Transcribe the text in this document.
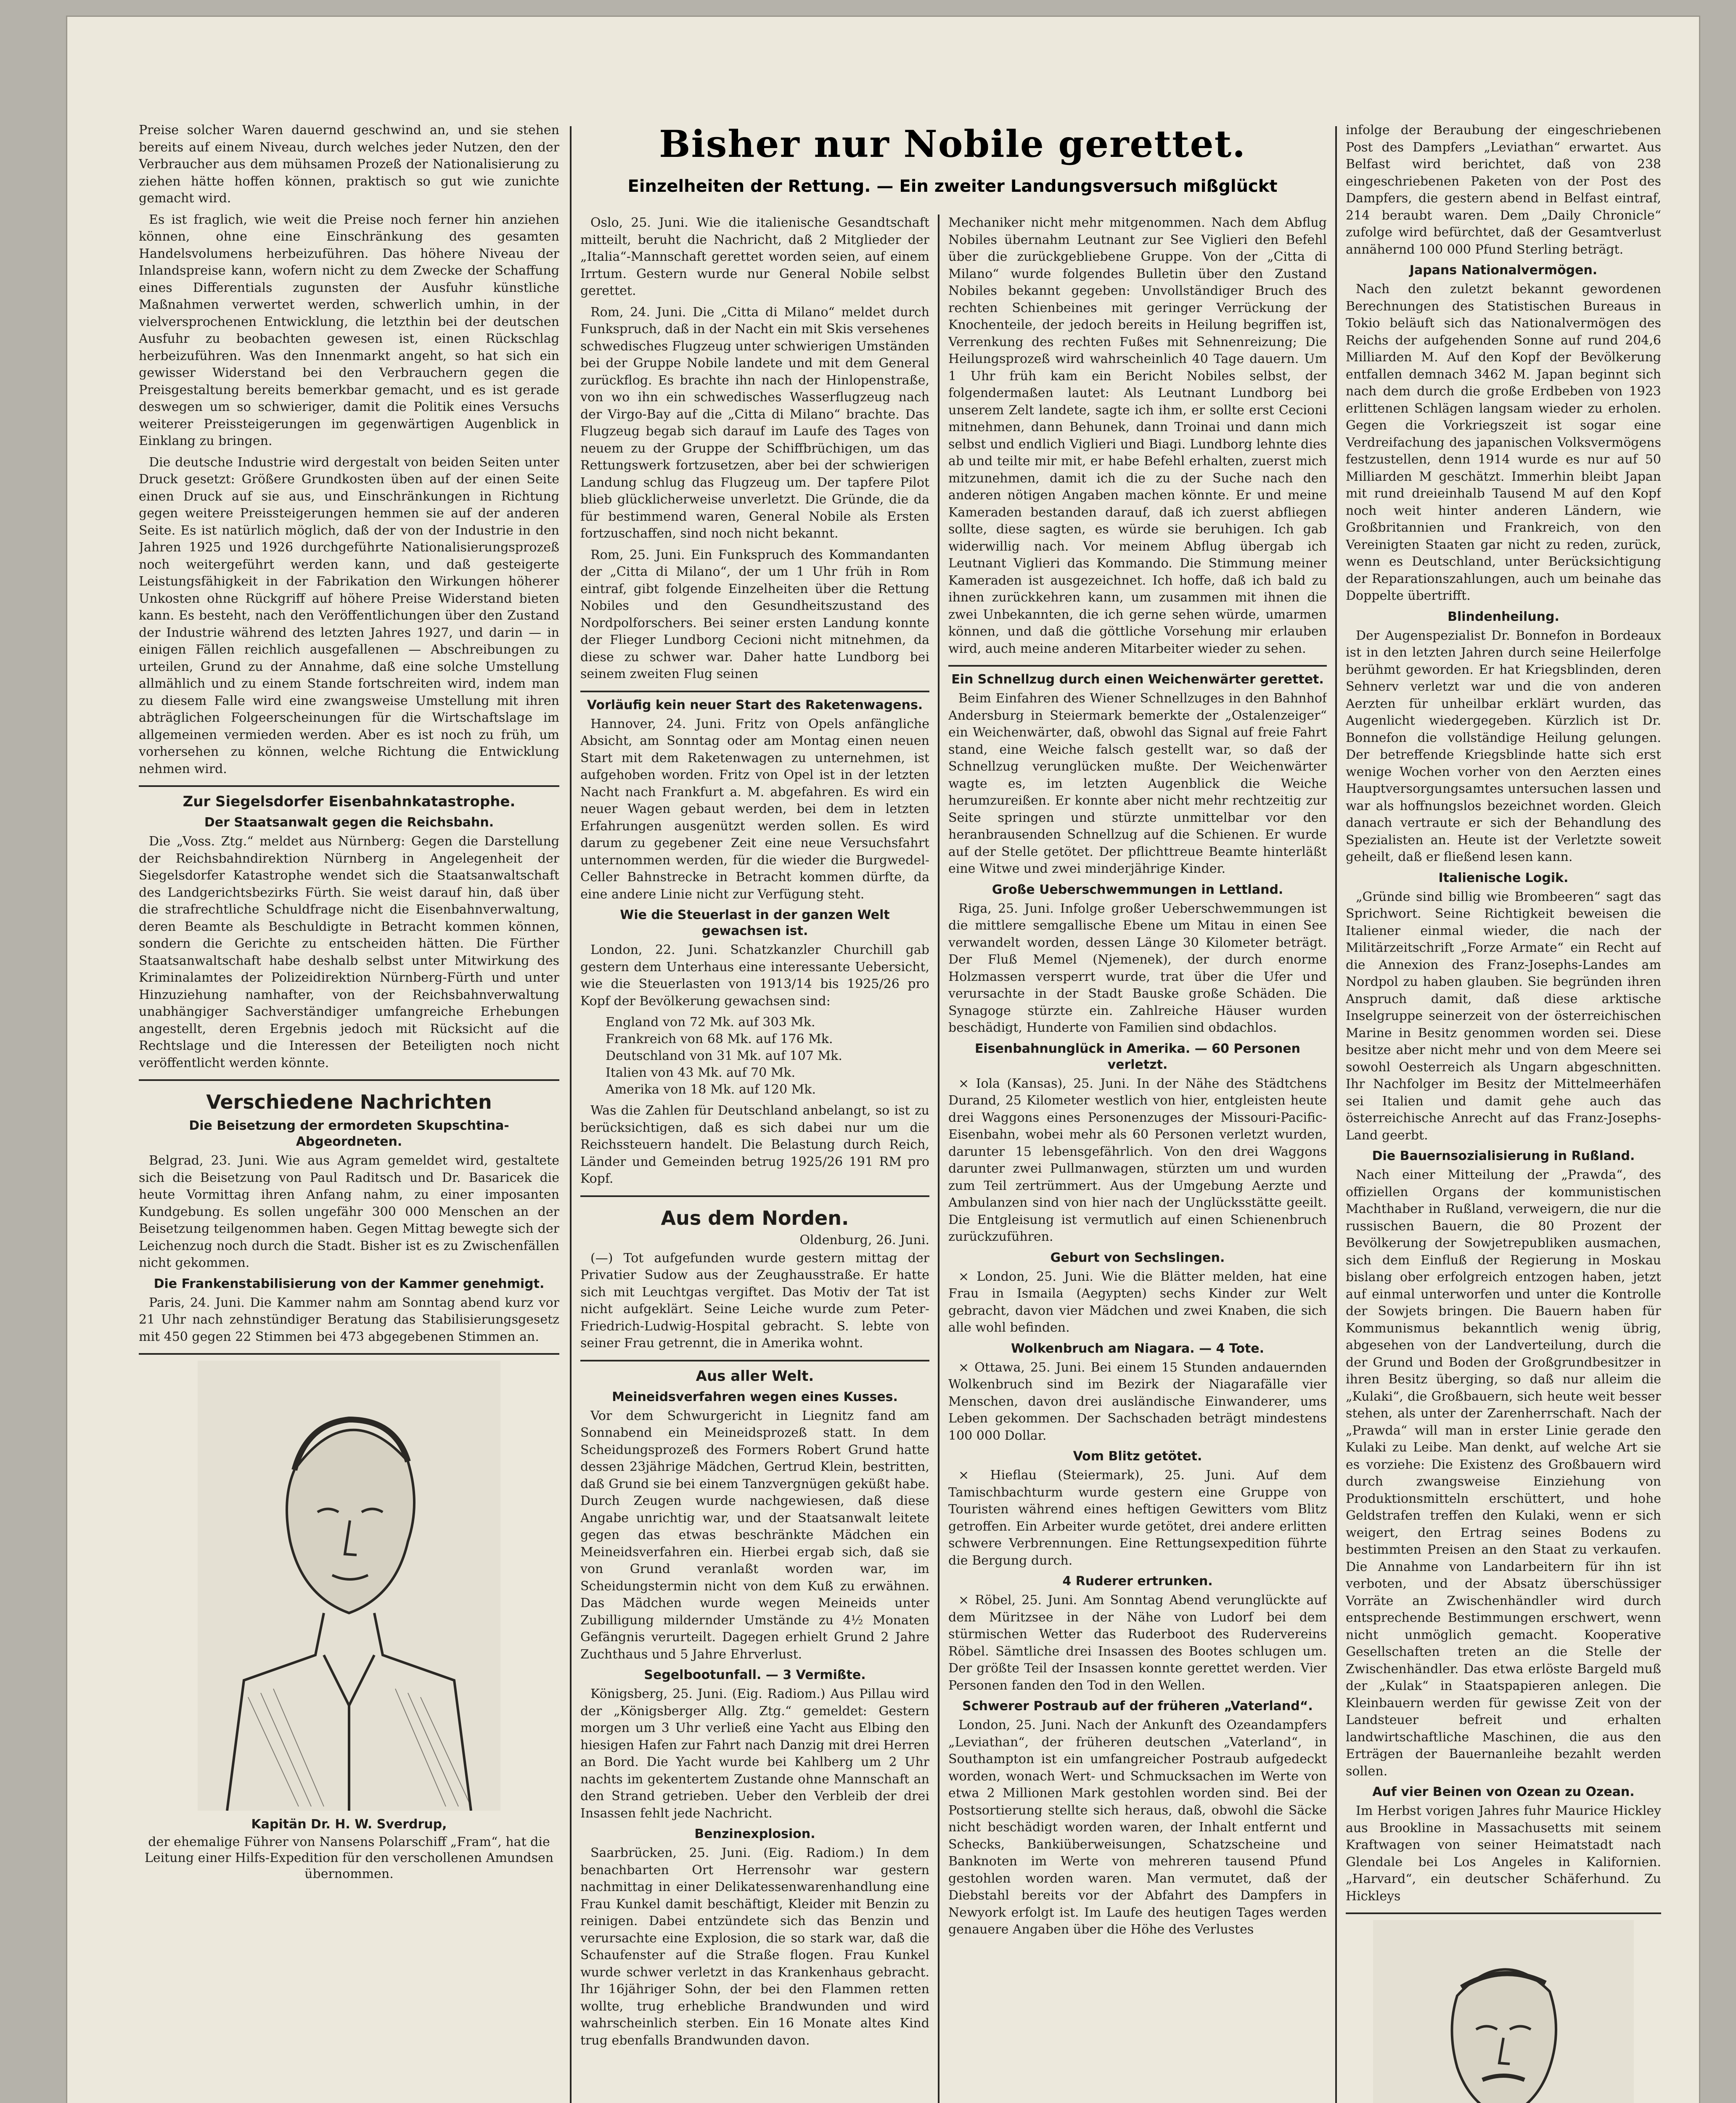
Bisher nur Nobile gerettet.
Einzelheiten der Rettung. — Ein zweiter Landungsversuch mißglückt

Preise solcher Waren dauernd geschwind an, und sie stehen bereits auf einem Niveau, durch welches jeder Nutzen, den der Verbraucher aus dem mühsamen Prozeß der Nationalisierung zu ziehen hätte hoffen können, praktisch so gut wie zunichte gemacht wird.

Es ist fraglich, wie weit die Preise noch ferner hin anziehen können, ohne eine Einschränkung des gesamten Handelsvolumens herbeizuführen. Das höhere Niveau der Inlandspreise kann, wofern nicht zu dem Zwecke der Schaffung eines Differentials zugunsten der Ausfuhr künstliche Maßnahmen verwertet werden, schwerlich umhin, in der vielversprochenen Entwicklung, die letzthin bei der deutschen Ausfuhr zu beobachten gewesen ist, einen Rückschlag herbeizuführen. Was den Innenmarkt angeht, so hat sich ein gewisser Widerstand bei den Verbrauchern gegen die Preisgestaltung bereits bemerkbar gemacht, und es ist gerade deswegen um so schwieriger, damit die Politik eines Versuchs weiterer Preissteigerungen im gegenwärtigen Augenblick in Einklang zu bringen.

Die deutsche Industrie wird dergestalt von beiden Seiten unter Druck gesetzt: Größere Grundkosten üben auf der einen Seite einen Druck auf sie aus, und Einschränkungen in Richtung gegen weitere Preissteigerungen hemmen sie auf der anderen Seite. Es ist natürlich möglich, daß der von der Industrie in den Jahren 1925 und 1926 durchgeführte Nationalisierungsprozeß noch weitergeführt werden kann, und daß gesteigerte Leistungsfähigkeit in der Fabrikation den Wirkungen höherer Unkosten ohne Rückgriff auf höhere Preise Widerstand bieten kann. Es besteht, nach den Veröffentlichungen über den Zustand der Industrie während des letzten Jahres 1927, und darin — in einigen Fällen reichlich ausgefallenen — Abschreibungen zu urteilen, Grund zu der Annahme, daß eine solche Umstellung allmählich und zu einem Stande fortschreiten wird, indem man zu diesem Falle wird eine zwangsweise Umstellung mit ihren abträglichen Folgeerscheinungen für die Wirtschaftslage im allgemeinen vermieden werden. Aber es ist noch zu früh, um vorhersehen zu können, welche Richtung die Entwicklung nehmen wird.

Zur Siegelsdorfer Eisenbahnkatastrophe.
Der Staatsanwalt gegen die Reichsbahn.

Die „Voss. Ztg.“ meldet aus Nürnberg: Gegen die Darstellung der Reichsbahndirektion Nürnberg in Angelegenheit der Siegelsdorfer Katastrophe wendet sich die Staatsanwaltschaft des Landgerichtsbezirks Fürth. Sie weist darauf hin, daß über die strafrechtliche Schuldfrage nicht die Eisenbahnverwaltung, deren Beamte als Beschuldigte in Betracht kommen können, sondern die Gerichte zu entscheiden hätten. Die Fürther Staatsanwaltschaft habe deshalb selbst unter Mitwirkung des Kriminalamtes der Polizeidirektion Nürnberg-Fürth und unter Hinzuziehung namhafter, von der Reichsbahnverwaltung unabhängiger Sachverständiger umfangreiche Erhebungen angestellt, deren Ergebnis jedoch mit Rücksicht auf die Rechtslage und die Interessen der Beteiligten noch nicht veröffentlicht werden könnte.

Verschiedene Nachrichten
Die Beisetzung der ermordeten Skupschtina-Abgeordneten.

Belgrad, 23. Juni. Wie aus Agram gemeldet wird, gestaltete sich die Beisetzung von Paul Raditsch und Dr. Basaricek die heute Vormittag ihren Anfang nahm, zu einer imposanten Kundgebung. Es sollen ungefähr 300 000 Menschen an der Beisetzung teilgenommen haben. Gegen Mittag bewegte sich der Leichenzug noch durch die Stadt. Bisher ist es zu Zwischenfällen nicht gekommen.

Die Frankenstabilisierung von der Kammer genehmigt.

Paris, 24. Juni. Die Kammer nahm am Sonntag abend kurz vor 21 Uhr nach zehnstündiger Beratung das Stabilisierungsgesetz mit 450 gegen 22 Stimmen bei 473 abgegebenen Stimmen an.

Kapitän Dr. H. W. Sverdrup,
der ehemalige Führer von Nansens Polarschiff „Fram“, hat die Leitung einer Hilfs-Expedition für den verschollenen Amundsen übernommen.

Oslo, 25. Juni. Wie die italienische Gesandtschaft mitteilt, beruht die Nachricht, daß 2 Mitglieder der „Italia“-Mannschaft gerettet worden seien, auf einem Irrtum. Gestern wurde nur General Nobile selbst gerettet.

Rom, 24. Juni. Die „Citta di Milano“ meldet durch Funkspruch, daß in der Nacht ein mit Skis versehenes schwedisches Flugzeug unter schwierigen Umständen bei der Gruppe Nobile landete und mit dem General zurückflog. Es brachte ihn nach der Hinlopenstraße, von wo ihn ein schwedisches Wasserflugzeug nach der Virgo-Bay auf die „Citta di Milano“ brachte. Das Flugzeug begab sich darauf im Laufe des Tages von neuem zu der Gruppe der Schiffbrüchigen, um das Rettungswerk fortzusetzen, aber bei der schwierigen Landung schlug das Flugzeug um. Der tapfere Pilot blieb glücklicherweise unverletzt. Die Gründe, die da für bestimmend waren, General Nobile als Ersten fortzuschaffen, sind noch nicht bekannt.

Rom, 25. Juni. Ein Funkspruch des Kommandanten der „Citta di Milano“, der um 1 Uhr früh in Rom eintraf, gibt folgende Einzelheiten über die Rettung Nobiles und den Gesundheitszustand des Nordpolforschers. Bei seiner ersten Landung konnte der Flieger Lundborg Cecioni nicht mitnehmen, da diese zu schwer war. Daher hatte Lundborg bei seinem zweiten Flug seinen

Vorläufig kein neuer Start des Raketenwagens.

Hannover, 24. Juni. Fritz von Opels anfängliche Absicht, am Sonntag oder am Montag einen neuen Start mit dem Raketenwagen zu unternehmen, ist aufgehoben worden. Fritz von Opel ist in der letzten Nacht nach Frankfurt a. M. abgefahren. Es wird ein neuer Wagen gebaut werden, bei dem in letzten Erfahrungen ausgenützt werden sollen. Es wird darum zu gegebener Zeit eine neue Versuchsfahrt unternommen werden, für die wieder die Burgwedel-Celler Bahnstrecke in Betracht kommen dürfte, da eine andere Linie nicht zur Verfügung steht.

Wie die Steuerlast in der ganzen Welt gewachsen ist.

London, 22. Juni. Schatzkanzler Churchill gab gestern dem Unterhaus eine interessante Uebersicht, wie die Steuerlasten von 1913/14 bis 1925/26 pro Kopf der Bevölkerung gewachsen sind:

England von 72 Mk. auf 303 Mk.
Frankreich von 68 Mk. auf 176 Mk.
Deutschland von 31 Mk. auf 107 Mk.
Italien von 43 Mk. auf 70 Mk.
Amerika von 18 Mk. auf 120 Mk.

Was die Zahlen für Deutschland anbelangt, so ist zu berücksichtigen, daß es sich dabei nur um die Reichssteuern handelt. Die Belastung durch Reich, Länder und Gemeinden betrug 1925/26 191 RM pro Kopf.

Aus dem Norden.
Oldenburg, 26. Juni.

(—) Tot aufgefunden wurde gestern mittag der Privatier Sudow aus der Zeughausstraße. Er hatte sich mit Leuchtgas vergiftet. Das Motiv der Tat ist nicht aufgeklärt. Seine Leiche wurde zum Peter-Friedrich-Ludwig-Hospital gebracht. S. lebte von seiner Frau getrennt, die in Amerika wohnt.

Aus aller Welt.
Meineidsverfahren wegen eines Kusses.

Vor dem Schwurgericht in Liegnitz fand am Sonnabend ein Meineidsprozeß statt. In dem Scheidungsprozeß des Formers Robert Grund hatte dessen 23jährige Mädchen, Gertrud Klein, bestritten, daß Grund sie bei einem Tanzvergnügen geküßt habe. Durch Zeugen wurde nachgewiesen, daß diese Angabe unrichtig war, und der Staatsanwalt leitete gegen das etwas beschränkte Mädchen ein Meineidsverfahren ein. Hierbei ergab sich, daß sie von Grund veranlaßt worden war, im Scheidungstermin nicht von dem Kuß zu erwähnen. Das Mädchen wurde wegen Meineids unter Zubilligung mildernder Umstände zu 4½ Monaten Gefängnis verurteilt. Dagegen erhielt Grund 2 Jahre Zuchthaus und 5 Jahre Ehrverlust.

Segelbootunfall. — 3 Vermißte.

Königsberg, 25. Juni. (Eig. Radiom.) Aus Pillau wird der „Königsberger Allg. Ztg.“ gemeldet: Gestern morgen um 3 Uhr verließ eine Yacht aus Elbing den hiesigen Hafen zur Fahrt nach Danzig mit drei Herren an Bord. Die Yacht wurde bei Kahlberg um 2 Uhr nachts im gekentertem Zustande ohne Mannschaft an den Strand getrieben. Ueber den Verbleib der drei Insassen fehlt jede Nachricht.

Benzinexplosion.

Saarbrücken, 25. Juni. (Eig. Radiom.) In dem benachbarten Ort Herrensohr war gestern nachmittag in einer Delikatessenwarenhandlung eine Frau Kunkel damit beschäftigt, Kleider mit Benzin zu reinigen. Dabei entzündete sich das Benzin und verursachte eine Explosion, die so stark war, daß die Schaufenster auf die Straße flogen. Frau Kunkel wurde schwer verletzt in das Krankenhaus gebracht. Ihr 16jähriger Sohn, der bei den Flammen retten wollte, trug erhebliche Brandwunden und wird wahrscheinlich sterben. Ein 16 Monate altes Kind trug ebenfalls Brandwunden davon.

Mechaniker nicht mehr mitgenommen. Nach dem Abflug Nobiles übernahm Leutnant zur See Viglieri den Befehl über die zurückgebliebene Gruppe. Von der „Citta di Milano“ wurde folgendes Bulletin über den Zustand Nobiles bekannt gegeben: Unvollständiger Bruch des rechten Schienbeines mit geringer Verrückung der Knochenteile, der jedoch bereits in Heilung begriffen ist, Verrenkung des rechten Fußes mit Sehnenreizung; Die Heilungsprozeß wird wahrscheinlich 40 Tage dauern. Um 1 Uhr früh kam ein Bericht Nobiles selbst, der folgendermaßen lautet: Als Leutnant Lundborg bei unserem Zelt landete, sagte ich ihm, er sollte erst Cecioni mitnehmen, dann Behunek, dann Troinai und dann mich selbst und endlich Viglieri und Biagi. Lundborg lehnte dies ab und teilte mir mit, er habe Befehl erhalten, zuerst mich mitzunehmen, damit ich die zu der Suche nach den anderen nötigen Angaben machen könnte. Er und meine Kameraden bestanden darauf, daß ich zuerst abfliegen sollte, diese sagten, es würde sie beruhigen. Ich gab widerwillig nach. Vor meinem Abflug übergab ich Leutnant Viglieri das Kommando. Die Stimmung meiner Kameraden ist ausgezeichnet. Ich hoffe, daß ich bald zu ihnen zurückkehren kann, um zusammen mit ihnen die zwei Unbekannten, die ich gerne sehen würde, umarmen können, und daß die göttliche Vorsehung mir erlauben wird, auch meine anderen Mitarbeiter wieder zu sehen.

Ein Schnellzug durch einen Weichenwärter gerettet.

Beim Einfahren des Wiener Schnellzuges in den Bahnhof Andersburg in Steiermark bemerkte der „Ostalenzeiger“ ein Weichenwärter, daß, obwohl das Signal auf freie Fahrt stand, eine Weiche falsch gestellt war, so daß der Schnellzug verunglücken mußte. Der Weichenwärter wagte es, im letzten Augenblick die Weiche herumzureißen. Er konnte aber nicht mehr rechtzeitig zur Seite springen und stürzte unmittelbar vor den heranbrausenden Schnellzug auf die Schienen. Er wurde auf der Stelle getötet. Der pflichttreue Beamte hinterläßt eine Witwe und zwei minderjährige Kinder.

Große Ueberschwemmungen in Lettland.

Riga, 25. Juni. Infolge großer Ueberschwemmungen ist die mittlere semgallische Ebene um Mitau in einen See verwandelt worden, dessen Länge 30 Kilometer beträgt. Der Fluß Memel (Njemenek), der durch enorme Holzmassen versperrt wurde, trat über die Ufer und verursachte in der Stadt Bauske große Schäden. Die Synagoge stürzte ein. Zahlreiche Häuser wurden beschädigt, Hunderte von Familien sind obdachlos.

Eisenbahnunglück in Amerika. — 60 Personen verletzt.

× Iola (Kansas), 25. Juni. In der Nähe des Städtchens Durand, 25 Kilometer westlich von hier, entgleisten heute drei Waggons eines Personenzuges der Missouri-Pacific-Eisenbahn, wobei mehr als 60 Personen verletzt wurden, darunter 15 lebensgefährlich. Von den drei Waggons darunter zwei Pullmanwagen, stürzten um und wurden zum Teil zertrümmert. Aus der Umgebung Aerzte und Ambulanzen sind von hier nach der Unglücksstätte geeilt. Die Entgleisung ist vermutlich auf einen Schienenbruch zurückzuführen.

Geburt von Sechslingen.

× London, 25. Juni. Wie die Blätter melden, hat eine Frau in Ismaila (Aegypten) sechs Kinder zur Welt gebracht, davon vier Mädchen und zwei Knaben, die sich alle wohl befinden.

Wolkenbruch am Niagara. — 4 Tote.

× Ottawa, 25. Juni. Bei einem 15 Stunden andauernden Wolkenbruch sind im Bezirk der Niagarafälle vier Menschen, davon drei ausländische Einwanderer, ums Leben gekommen. Der Sachschaden beträgt mindestens 100 000 Dollar.

Vom Blitz getötet.

× Hieflau (Steiermark), 25. Juni. Auf dem Tamischbachturm wurde gestern eine Gruppe von Touristen während eines heftigen Gewitters vom Blitz getroffen. Ein Arbeiter wurde getötet, drei andere erlitten schwere Verbrennungen. Eine Rettungsexpedition führte die Bergung durch.

4 Ruderer ertrunken.

× Röbel, 25. Juni. Am Sonntag Abend verunglückte auf dem Müritzsee in der Nähe von Ludorf bei dem stürmischen Wetter das Ruderboot des Rudervereins Röbel. Sämtliche drei Insassen des Bootes schlugen um. Der größte Teil der Insassen konnte gerettet werden. Vier Personen fanden den Tod in den Wellen.

Schwerer Postraub auf der früheren „Vaterland“.

London, 25. Juni. Nach der Ankunft des Ozeandampfers „Leviathan“, der früheren deutschen „Vaterland“, in Southampton ist ein umfangreicher Postraub aufgedeckt worden, wonach Wert- und Schmucksachen im Werte von etwa 2 Millionen Mark gestohlen worden sind. Bei der Postsortierung stellte sich heraus, daß, obwohl die Säcke nicht beschädigt worden waren, der Inhalt entfernt und Schecks, Bankiüberweisungen, Schatzscheine und Banknoten im Werte von mehreren tausend Pfund gestohlen worden waren. Man vermutet, daß der Diebstahl bereits vor der Abfahrt des Dampfers in Newyork erfolgt ist. Im Laufe des heutigen Tages werden genauere Angaben über die Höhe des Verlustes

infolge der Beraubung der eingeschriebenen Post des Dampfers „Leviathan“ erwartet. Aus Belfast wird berichtet, daß von 238 eingeschriebenen Paketen von der Post des Dampfers, die gestern abend in Belfast eintraf, 214 beraubt waren. Dem „Daily Chronicle“ zufolge wird befürchtet, daß der Gesamtverlust annähernd 100 000 Pfund Sterling beträgt.

Japans Nationalvermögen.

Nach den zuletzt bekannt gewordenen Berechnungen des Statistischen Bureaus in Tokio beläuft sich das Nationalvermögen des Reichs der aufgehenden Sonne auf rund 204,6 Milliarden M. Auf den Kopf der Bevölkerung entfallen demnach 3462 M. Japan beginnt sich nach dem durch die große Erdbeben von 1923 erlittenen Schlägen langsam wieder zu erholen. Gegen die Vorkriegszeit ist sogar eine Verdreifachung des japanischen Volksvermögens festzustellen, denn 1914 wurde es nur auf 50 Milliarden M geschätzt. Immerhin bleibt Japan mit rund dreieinhalb Tausend M auf den Kopf noch weit hinter anderen Ländern, wie Großbritannien und Frankreich, von den Vereinigten Staaten gar nicht zu reden, zurück, wenn es Deutschland, unter Berücksichtigung der Reparationszahlungen, auch um beinahe das Doppelte übertrifft.

Blindenheilung.

Der Augenspezialist Dr. Bonnefon in Bordeaux ist in den letzten Jahren durch seine Heilerfolge berühmt geworden. Er hat Kriegsblinden, deren Sehnerv verletzt war und die von anderen Aerzten für unheilbar erklärt wurden, das Augenlicht wiedergegeben. Kürzlich ist Dr. Bonnefon die vollständige Heilung gelungen. Der betreffende Kriegsblinde hatte sich erst wenige Wochen vorher von den Aerzten eines Hauptversorgungsamtes untersuchen lassen und war als hoffnungslos bezeichnet worden. Gleich danach vertraute er sich der Behandlung des Spezialisten an. Heute ist der Verletzte soweit geheilt, daß er fließend lesen kann.

Italienische Logik.

„Gründe sind billig wie Brombeeren“ sagt das Sprichwort. Seine Richtigkeit beweisen die Italiener einmal wieder, die nach der Militärzeitschrift „Forze Armate“ ein Recht auf die Annexion des Franz-Josephs-Landes am Nordpol zu haben glauben. Sie begründen ihren Anspruch damit, daß diese arktische Inselgruppe seinerzeit von der österreichischen Marine in Besitz genommen worden sei. Diese besitze aber nicht mehr und von dem Meere sei sowohl Oesterreich als Ungarn abgeschnitten. Ihr Nachfolger im Besitz der Mittelmeerhäfen sei Italien und damit gehe auch das österreichische Anrecht auf das Franz-Josephs-Land geerbt.

Die Bauernsozialisierung in Rußland.

Nach einer Mitteilung der „Prawda“, des offiziellen Organs der kommunistischen Machthaber in Rußland, verweigern, die nur die russischen Bauern, die 80 Prozent der Bevölkerung der Sowjetrepubliken ausmachen, sich dem Einfluß der Regierung in Moskau bislang ober erfolgreich entzogen haben, jetzt auf einmal unterworfen und unter die Kontrolle der Sowjets bringen. Die Bauern haben für Kommunismus bekanntlich wenig übrig, abgesehen von der Landverteilung, durch die der Grund und Boden der Großgrundbesitzer in ihren Besitz überging, so daß nur alleim die „Kulaki“, die Großbauern, sich heute weit besser stehen, als unter der Zarenherrschaft. Nach der „Prawda“ will man in erster Linie gerade den Kulaki zu Leibe. Man denkt, auf welche Art sie es vorziehe: Die Existenz des Großbauern wird durch zwangsweise Einziehung von Produktionsmitteln erschüttert, und hohe Geldstrafen treffen den Kulaki, wenn er sich weigert, den Ertrag seines Bodens zu bestimmten Preisen an den Staat zu verkaufen. Die Annahme von Landarbeitern für ihn ist verboten, und der Absatz überschüssiger Vorräte an Zwischenhändler wird durch entsprechende Bestimmungen erschwert, wenn nicht unmöglich gemacht. Kooperative Gesellschaften treten an die Stelle der Zwischenhändler. Das etwa erlöste Bargeld muß der „Kulak“ in Staatspapieren anlegen. Die Kleinbauern werden für gewisse Zeit von der Landsteuer befreit und erhalten landwirtschaftliche Maschinen, die aus den Erträgen der Bauernanleihe bezahlt werden sollen.

Auf vier Beinen von Ozean zu Ozean.

Im Herbst vorigen Jahres fuhr Maurice Hickley aus Brookline in Massachusetts mit seinem Kraftwagen von seiner Heimatstadt nach Glendale bei Los Angeles in Kalifornien. „Harvard“, ein deutscher Schäferhund. Zu Hickleys
